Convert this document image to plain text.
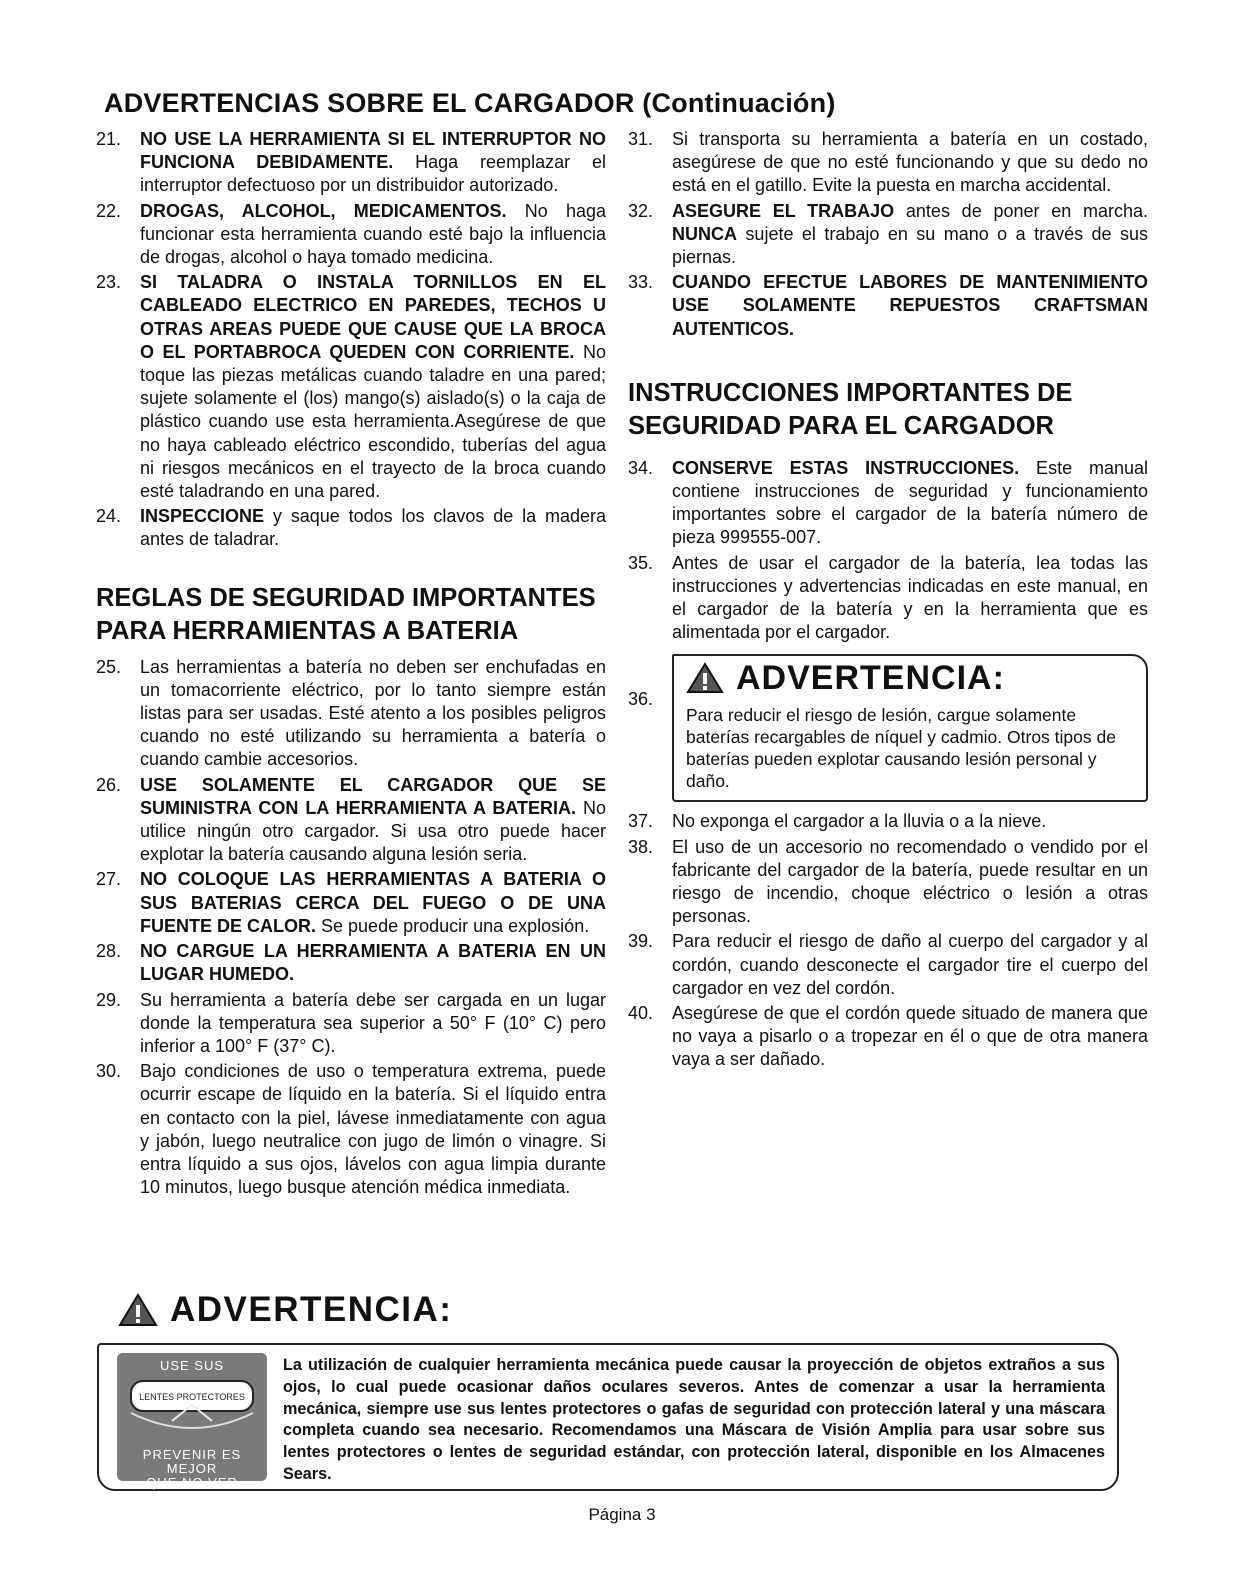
ADVERTENCIAS SOBRE EL CARGADOR (Continuación)
21.	NO USE LA HERRAMIENTA SI EL INTERRUPTOR NO FUNCIONA DEBIDAMENTE. Haga reemplazar el interruptor defectuoso por un distribuidor autorizado.
22.	DROGAS, ALCOHOL, MEDICAMENTOS. No haga funcionar esta herramienta cuando esté bajo la influencia de drogas, alcohol o haya tomado medicina.
23.	SI TALADRA O INSTALA TORNILLOS EN EL CABLEADO ELECTRICO EN PAREDES, TECHOS U OTRAS AREAS PUEDE QUE CAUSE QUE LA BROCA O EL PORTABROCA QUEDEN CON CORRIENTE. No toque las piezas metálicas cuando taladre en una pared; sujete solamente el (los) mango(s) aislado(s) o la caja de plástico cuando use esta herramienta.Asegúrese de que no haya cableado eléctrico escondido, tuberías del agua ni riesgos mecánicos en el trayecto de la broca cuando esté taladrando en una pared.
24.	INSPECCIONE y saque todos los clavos de la madera antes de taladrar.
REGLAS DE SEGURIDAD IMPORTANTES PARA HERRAMIENTAS A BATERIA
25.	Las herramientas a batería no deben ser enchufadas en un tomacorriente eléctrico, por lo tanto siempre están listas para ser usadas. Esté atento a los posibles peligros cuando no esté utilizando su herramienta a batería o cuando cambie accesorios.
26.	USE SOLAMENTE EL CARGADOR QUE SE SUMINISTRA CON LA HERRAMIENTA A BATERIA. No utilice ningún otro cargador. Si usa otro puede hacer explotar la batería causando alguna lesión seria.
27.	NO COLOQUE LAS HERRAMIENTAS A BATERIA O SUS BATERIAS CERCA DEL FUEGO O DE UNA FUENTE DE CALOR. Se puede producir una explosión.
28.	NO CARGUE LA HERRAMIENTA A BATERIA EN UN LUGAR HUMEDO.
29.	Su herramienta a batería debe ser cargada en un lugar donde la temperatura sea superior a 50° F (10° C) pero inferior a 100° F (37° C).
30.	Bajo condiciones de uso o temperatura extrema, puede ocurrir escape de líquido en la batería. Si el líquido entra en contacto con la piel, lávese inmediatamente con agua y jabón, luego neutralice con jugo de limón o vinagre. Si entra líquido a sus ojos, lávelos con agua limpia durante 10 minutos, luego busque atención médica inmediata.
31.	Si transporta su herramienta a batería en un costado, asegúrese de que no esté funcionando y que su dedo no está en el gatillo. Evite la puesta en marcha accidental.
32.	ASEGURE EL TRABAJO antes de poner en marcha. NUNCA sujete el trabajo en su mano o a través de sus piernas.
33.	CUANDO EFECTUE LABORES DE MANTENIMIENTO USE SOLAMENTE REPUESTOS CRAFTSMAN AUTENTICOS.
INSTRUCCIONES IMPORTANTES DE SEGURIDAD PARA EL CARGADOR
34.	CONSERVE ESTAS INSTRUCCIONES. Este manual contiene instrucciones de seguridad y funcionamiento importantes sobre el cargador de la batería número de pieza 999555-007.
35.	Antes de usar el cargador de la batería, lea todas las instrucciones y advertencias indicadas en este manual, en el cargador de la batería y en la herramienta que es alimentada por el cargador.
36.
ADVERTENCIA:
Para reducir el riesgo de lesión, cargue solamente baterías recargables de níquel y cadmio. Otros tipos de baterías pueden explotar causando lesión personal y daño.
37.	No exponga el cargador a la lluvia o a la nieve.
38.	El uso de un accesorio no recomendado o vendido por el fabricante del cargador de la batería, puede resultar en un riesgo de incendio, choque eléctrico o lesión a otras personas.
39.	Para reducir el riesgo de daño al cuerpo del cargador y al cordón, cuando desconecte el cargador tire el cuerpo del cargador en vez del cordón.
40.	Asegúrese de que el cordón quede situado de manera que no vaya a pisarlo o a tropezar en él o que de otra manera vaya a ser dañado.
ADVERTENCIA:
USE SUS
LENTES PROTECTORES
PREVENIR ES MEJOR
QUE NO VER
La utilización de cualquier herramienta mecánica puede causar la proyección de objetos extraños a sus ojos, lo cual puede ocasionar daños oculares severos. Antes de comenzar a usar la herramienta mecánica, siempre use sus lentes protectores o gafas de seguridad con protección lateral y una máscara completa cuando sea necesario. Recomendamos una Máscara de Visión Amplia para usar sobre sus lentes protectores o lentes de seguridad estándar, con protección lateral, disponible en los Almacenes Sears.
Página 3
